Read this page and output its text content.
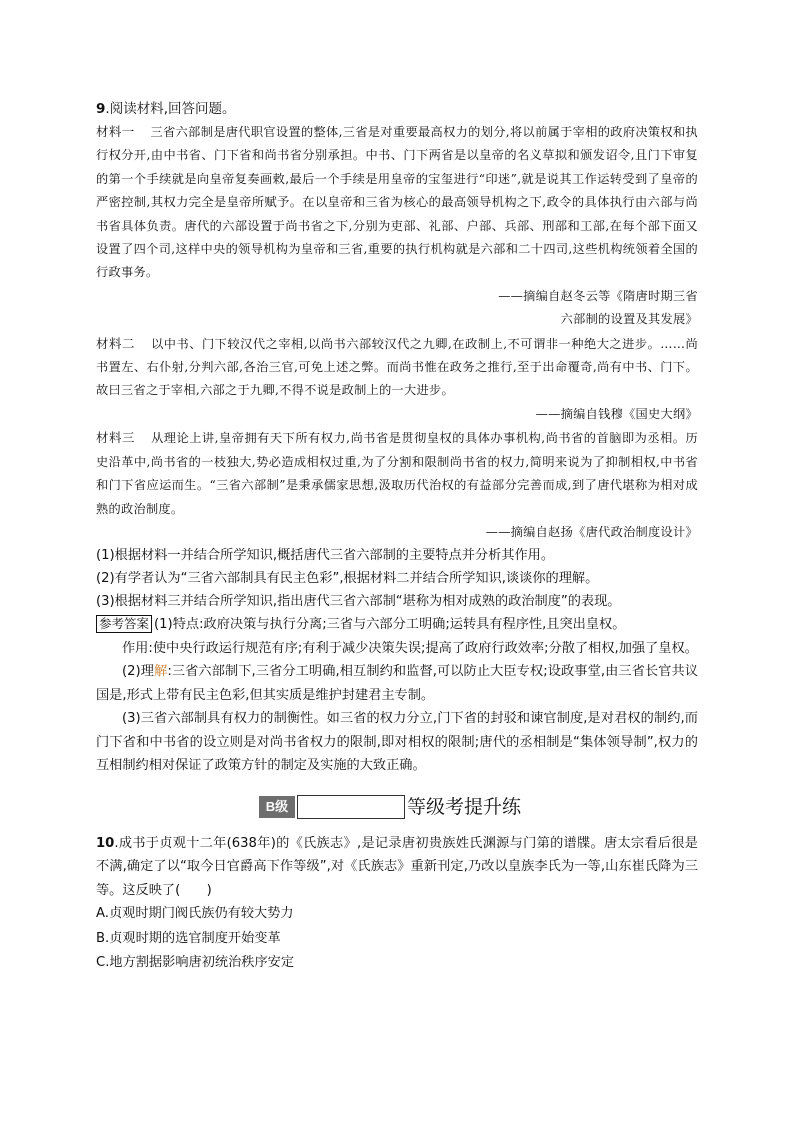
9.阅读材料,回答问题。
材料一 三省六部制是唐代职官设置的整体,三省是对重要最高权力的划分,将以前属于宰相的政府决策权和执行权分开,由中书省、门下省和尚书省分别承担。中书、门下两省是以皇帝的名义草拟和颁发诏令,且门下审复的第一个手续就是向皇帝复奏画敕,最后一个手续是用皇帝的宝玺进行“印迷”,就是说其工作运转受到了皇帝的严密控制,其权力完全是皇帝所赋予。在以皇帝和三省为核心的最高领导机构之下,政令的具体执行由六部与尚书省具体负责。唐代的六部设置于尚书省之下,分别为吏部、礼部、户部、兵部、刑部和工部,在每个部下面又设置了四个司,这样中央的领导机构为皇帝和三省,重要的执行机构就是六部和二十四司,这些机构统领着全国的行政事务。
——摘编自赵冬云等《隋唐时期三省
六部制的设置及其发展》
材料二 以中书、门下较汉代之宰相,以尚书六部较汉代之九卿,在政制上,不可谓非一种绝大之进步。……尚书置左、右仆射,分判六部,各治三官,可免上述之弊。而尚书惟在政务之推行,至于出命覆奇,尚有中书、门下。故曰三省之于宰相,六部之于九卿,不得不说是政制上的一大进步。
——摘编自钱穆《国史大纲》
材料三 从理论上讲,皇帝拥有天下所有权力,尚书省是贯彻皇权的具体办事机构,尚书省的首脑即为丞相。历史沿革中,尚书省的一枝独大,势必造成相权过重,为了分割和限制尚书省的权力,简明来说为了抑制相权,中书省和门下省应运而生。“三省六部制”是秉承儒家思想,汲取历代治权的有益部分完善而成,到了唐代堪称为相对成熟的政治制度。
——摘编自赵扬《唐代政治制度设计》
(1)根据材料一并结合所学知识,概括唐代三省六部制的主要特点并分析其作用。
(2)有学者认为“三省六部制具有民主色彩”,根据材料二并结合所学知识,谈谈你的理解。
(3)根据材料三并结合所学知识,指出唐代三省六部制“堪称为相对成熟的政治制度”的表现。
参考答案 (1)特点:政府决策与执行分离;三省与六部分工明确;运转具有程序性,且突出皇权。
作用:使中央行政运行规范有序;有利于减少决策失误;提高了政府行政效率;分散了相权,加强了皇权。
(2)理解:三省六部制下,三省分工明确,相互制约和监督,可以防止大臣专权;设政事堂,由三省长官共议国是,形式上带有民主色彩,但其实质是维护封建君主专制。
(3)三省六部制具有权力的制衡性。如三省的权力分立,门下省的封驳和谏官制度,是对君权的制约,而门下省和中书省的设立则是对尚书省权力的限制,即对相权的限制;唐代的丞相制是“集体领导制”,权力的互相制约相对保证了政策方针的制定及实施的大致正确。
B级	等级考提升练
10.成书于贞观十二年(638年)的《氏族志》,是记录唐初贵族姓氏渊源与门第的谱牒。唐太宗看后很是不满,确定了以“取今日官爵高下作等级”,对《氏族志》重新刊定,乃改以皇族李氏为一等,山东崔氏降为三等。这反映了(　　)
A.贞观时期门阀氏族仍有较大势力
B.贞观时期的选官制度开始变革
C.地方割据影响唐初统治秩序安定
